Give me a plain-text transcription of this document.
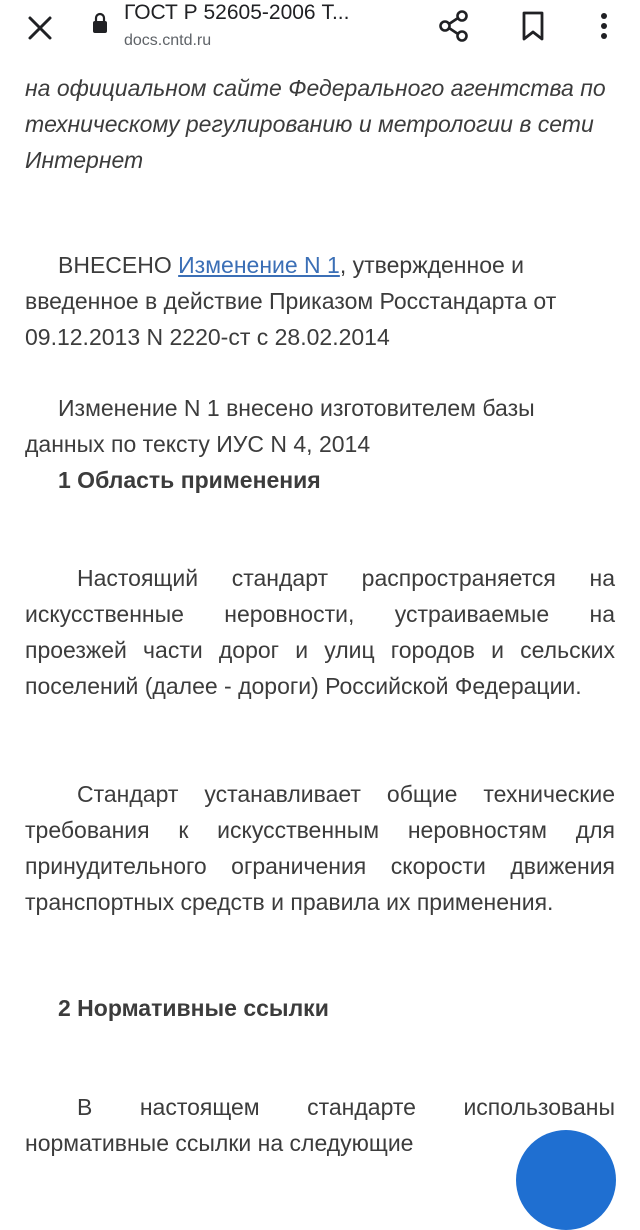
ГОСТ Р 52605-2006 Т...
docs.cntd.ru

на официальном сайте Федерального агентства по техническому регулированию и метрологии в сети Интернет

ВНЕСЕНО Изменение N 1, утвержденное и введенное в действие Приказом Росстандарта от 09.12.2013 N 2220-ст с 28.02.2014

Изменение N 1 внесено изготовителем базы данных по тексту ИУС N 4, 2014

1 Область применения

Настоящий стандарт распространяется на искусственные неровности, устраиваемые на проезжей части дорог и улиц городов и сельских поселений (далее - дороги) Российской Федерации.

Стандарт устанавливает общие технические требования к искусственным неровностям для принудительного ограничения скорости движения транспортных средств и правила их применения.

2 Нормативные ссылки

В настоящем стандарте использованы нормативные ссылки на следующие
